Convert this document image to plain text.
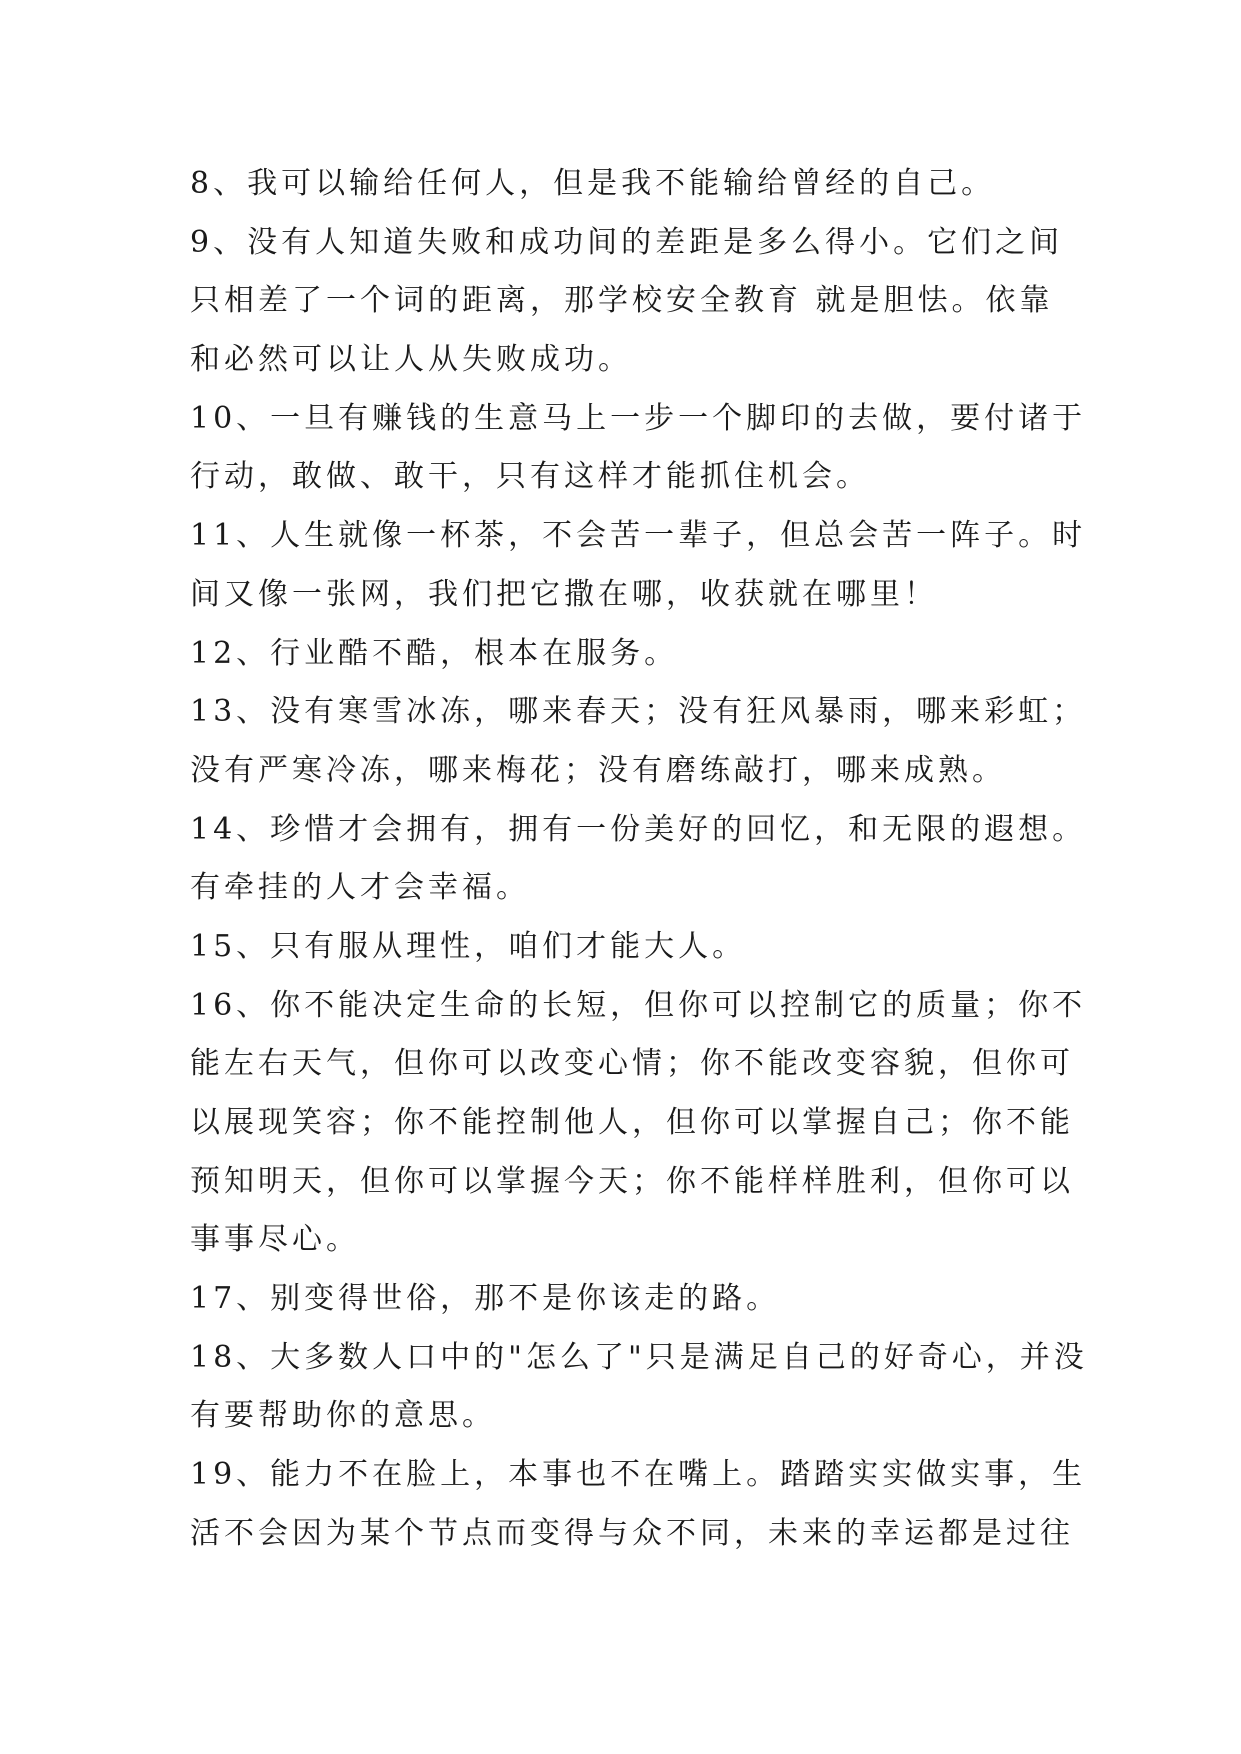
8、我可以输给任何人，但是我不能输给曾经的自己。
9、没有人知道失败和成功间的差距是多么得小。它们之间
只相差了一个词的距离，那学校安全教育 就是胆怯。依靠
和必然可以让人从失败成功。
10、一旦有赚钱的生意马上一步一个脚印的去做，要付诸于
行动，敢做、敢干，只有这样才能抓住机会。
11、人生就像一杯茶，不会苦一辈子，但总会苦一阵子。时
间又像一张网，我们把它撒在哪，收获就在哪里！
12、行业酷不酷，根本在服务。
13、没有寒雪冰冻，哪来春天；没有狂风暴雨，哪来彩虹；
没有严寒冷冻，哪来梅花；没有磨练敲打，哪来成熟。
14、珍惜才会拥有，拥有一份美好的回忆，和无限的遐想。
有牵挂的人才会幸福。
15、只有服从理性，咱们才能大人。
16、你不能决定生命的长短，但你可以控制它的质量；你不
能左右天气，但你可以改变心情；你不能改变容貌，但你可
以展现笑容；你不能控制他人，但你可以掌握自己；你不能
预知明天，但你可以掌握今天；你不能样样胜利，但你可以
事事尽心。
17、别变得世俗，那不是你该走的路。
18、大多数人口中的"怎么了"只是满足自己的好奇心，并没
有要帮助你的意思。
19、能力不在脸上，本事也不在嘴上。踏踏实实做实事，生
活不会因为某个节点而变得与众不同，未来的幸运都是过往
